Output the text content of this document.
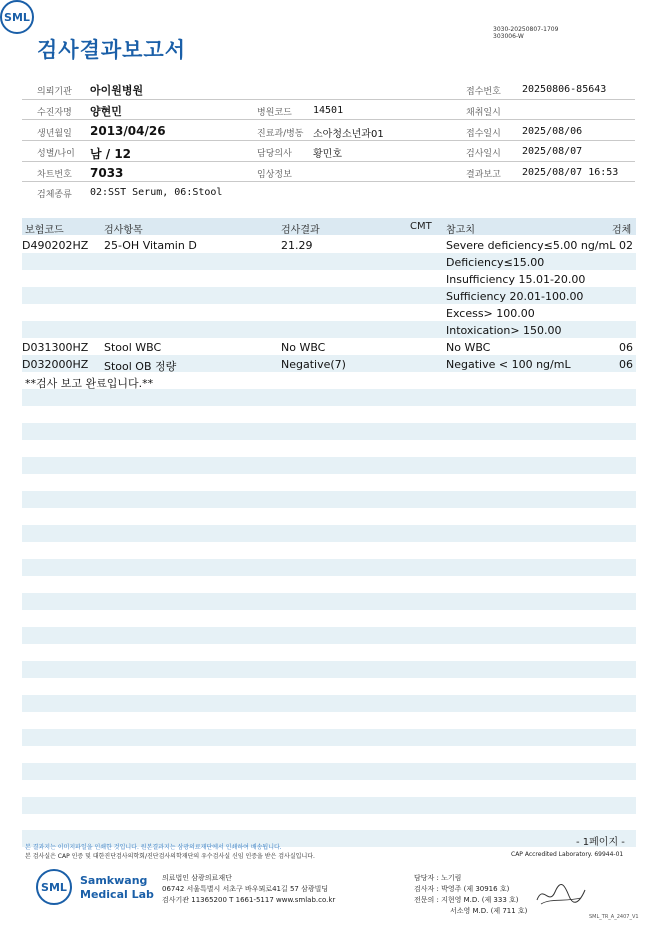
검사결과보고서
3030-20250807-1709
303006-W
SML
의뢰기관 아이원병원	접수번호 20250806-85643
수진자명 양현민	병원코드 14501	채취일시
생년월일 2013/04/26	진료과/병동 소아청소년과01	접수일시 2025/08/06
성별/나이 남 / 12	담당의사 황민호	검사일시 2025/08/07
차트번호 7033	임상정보	결과보고 2025/08/07 16:53
검체종류 02:SST Serum, 06:Stool
보험코드	검사항목	검사결과	CMT 참고치	검체
D490202HZ 25-OH Vitamin D	21.29	Severe deficiency≤5.00 ng/mL 02
Deficiency≤15.00
Insufficiency 15.01-20.00
Sufficiency 20.01-100.00
Excess> 100.00
Intoxication> 150.00
D031300HZ Stool WBC	No WBC	No WBC	06
D032000HZ Stool OB 정량	Negative(7)	Negative < 100 ng/mL	06
**검사 보고 완료입니다.**
본 결과지는 이미지파일을 인쇄한 것입니다. 원본결과지는 삼광의료재단에서 인쇄하여 배송됩니다.
본 검사실은 CAP 인증 및 대한진단검사의학회/진단검사의학재단의 우수검사실 신임 인증을 받은 검사실입니다.
- 1페이지 -
CAP Accredited Laboratory. 69944-01
SML	Samkwang
Medical Lab
의료법인 삼광의료재단
06742 서울특별시 서초구 바우뫼로41길 57 삼광빌딩
검사기관 11365200 T 1661-5117 www.smlab.co.kr
담당자 : 노기림
검사자 : 박영주 (제 30916 호)
전문의 : 지현영 M.D. (제 333 호)
서소영 M.D. (제 711 호)
SML_TR_A_2407_V1
